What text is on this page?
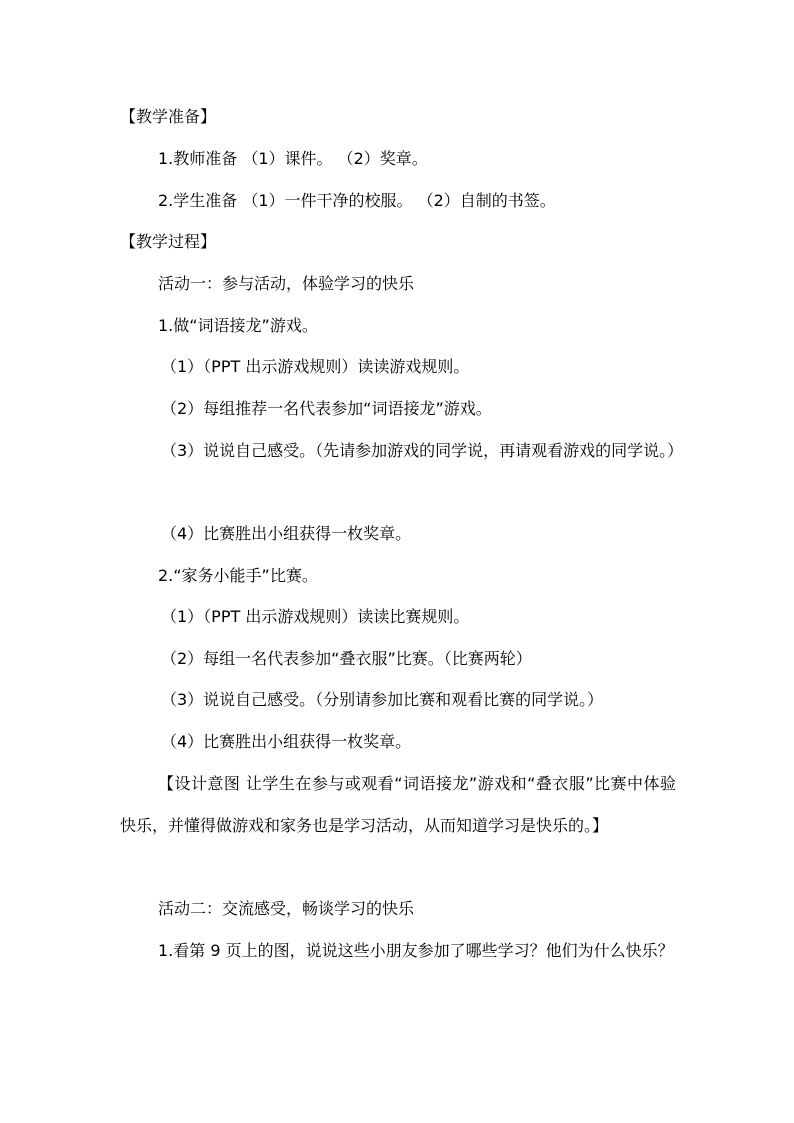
【教学准备】
1.教师准备 （1）课件。 （2）奖章。
2.学生准备 （1）一件干净的校服。 （2）自制的书签。
【教学过程】
活动一：参与活动，体验学习的快乐
1.做“词语接龙”游戏。
（1）（PPT 出示游戏规则）读读游戏规则。
（2）每组推荐一名代表参加“词语接龙”游戏。
（3）说说自己感受。（先请参加游戏的同学说，再请观看游戏的同学说。）
（4）比赛胜出小组获得一枚奖章。
2.“家务小能手”比赛。
（1）（PPT 出示游戏规则）读读比赛规则。
（2）每组一名代表参加“叠衣服”比赛。（比赛两轮）
（3）说说自己感受。（分别请参加比赛和观看比赛的同学说。）
（4）比赛胜出小组获得一枚奖章。
【设计意图 让学生在参与或观看“词语接龙”游戏和“叠衣服”比赛中体验快乐，并懂得做游戏和家务也是学习活动，从而知道学习是快乐的。】
活动二：交流感受，畅谈学习的快乐
1.看第 9 页上的图，说说这些小朋友参加了哪些学习？他们为什么快乐？
